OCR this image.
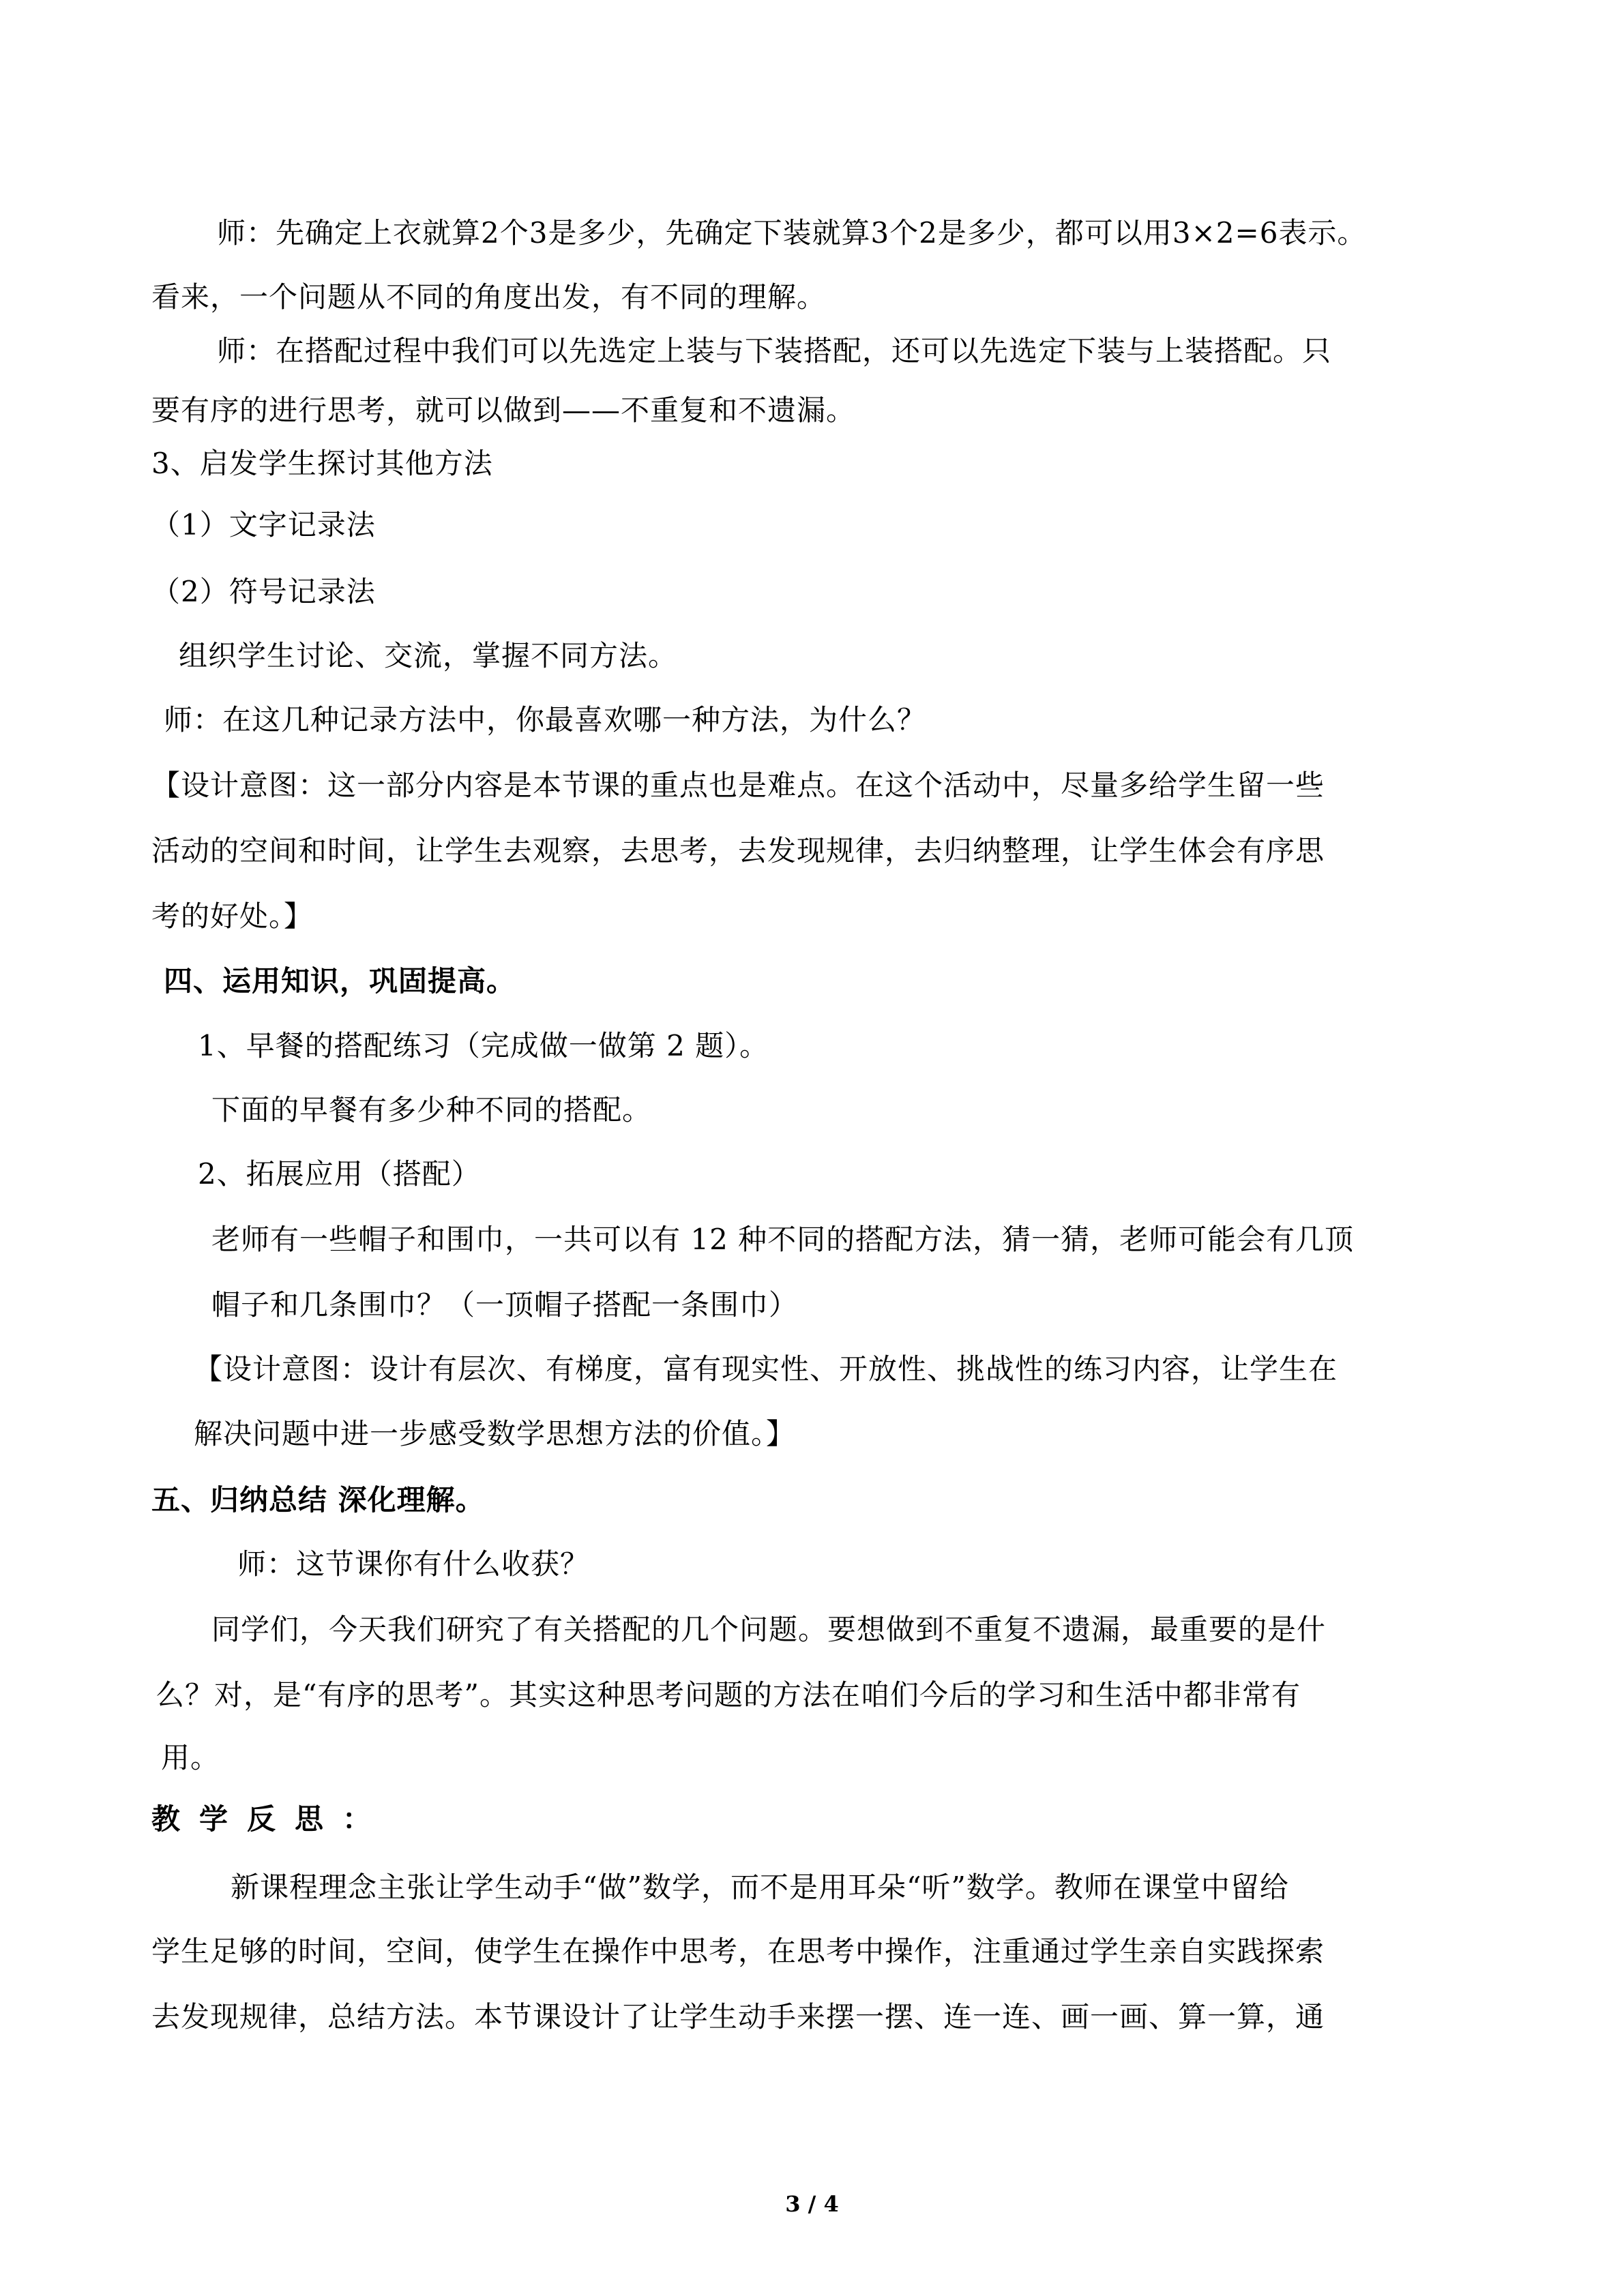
师：先确定上衣就算2个3是多少，先确定下装就算3个2是多少，都可以用3×2=6表示。
看来，一个问题从不同的角度出发，有不同的理解。
师：在搭配过程中我们可以先选定上装与下装搭配，还可以先选定下装与上装搭配。只
要有序的进行思考，就可以做到——不重复和不遗漏。
3、启发学生探讨其他方法
（1）文字记录法
（2）符号记录法
组织学生讨论、交流，掌握不同方法。
师：在这几种记录方法中，你最喜欢哪一种方法，为什么？
【设计意图：这一部分内容是本节课的重点也是难点。在这个活动中，尽量多给学生留一些
活动的空间和时间，让学生去观察，去思考，去发现规律，去归纳整理，让学生体会有序思
考的好处。】
四、运用知识，巩固提高。
1、早餐的搭配练习（完成做一做第 2 题）。
下面的早餐有多少种不同的搭配。
2、拓展应用（搭配）
老师有一些帽子和围巾，一共可以有 12 种不同的搭配方法，猜一猜，老师可能会有几顶
帽子和几条围巾？（一顶帽子搭配一条围巾）
【设计意图：设计有层次、有梯度，富有现实性、开放性、挑战性的练习内容，让学生在
解决问题中进一步感受数学思想方法的价值。】
五、归纳总结 深化理解。
师：这节课你有什么收获？
同学们，今天我们研究了有关搭配的几个问题。要想做到不重复不遗漏，最重要的是什
么？对，是“有序的思考”。其实这种思考问题的方法在咱们今后的学习和生活中都非常有
用。
教学反思：
新课程理念主张让学生动手“做”数学，而不是用耳朵“听”数学。教师在课堂中留给
学生足够的时间，空间，使学生在操作中思考，在思考中操作，注重通过学生亲自实践探索
去发现规律，总结方法。本节课设计了让学生动手来摆一摆、连一连、画一画、算一算，通
3 / 4
